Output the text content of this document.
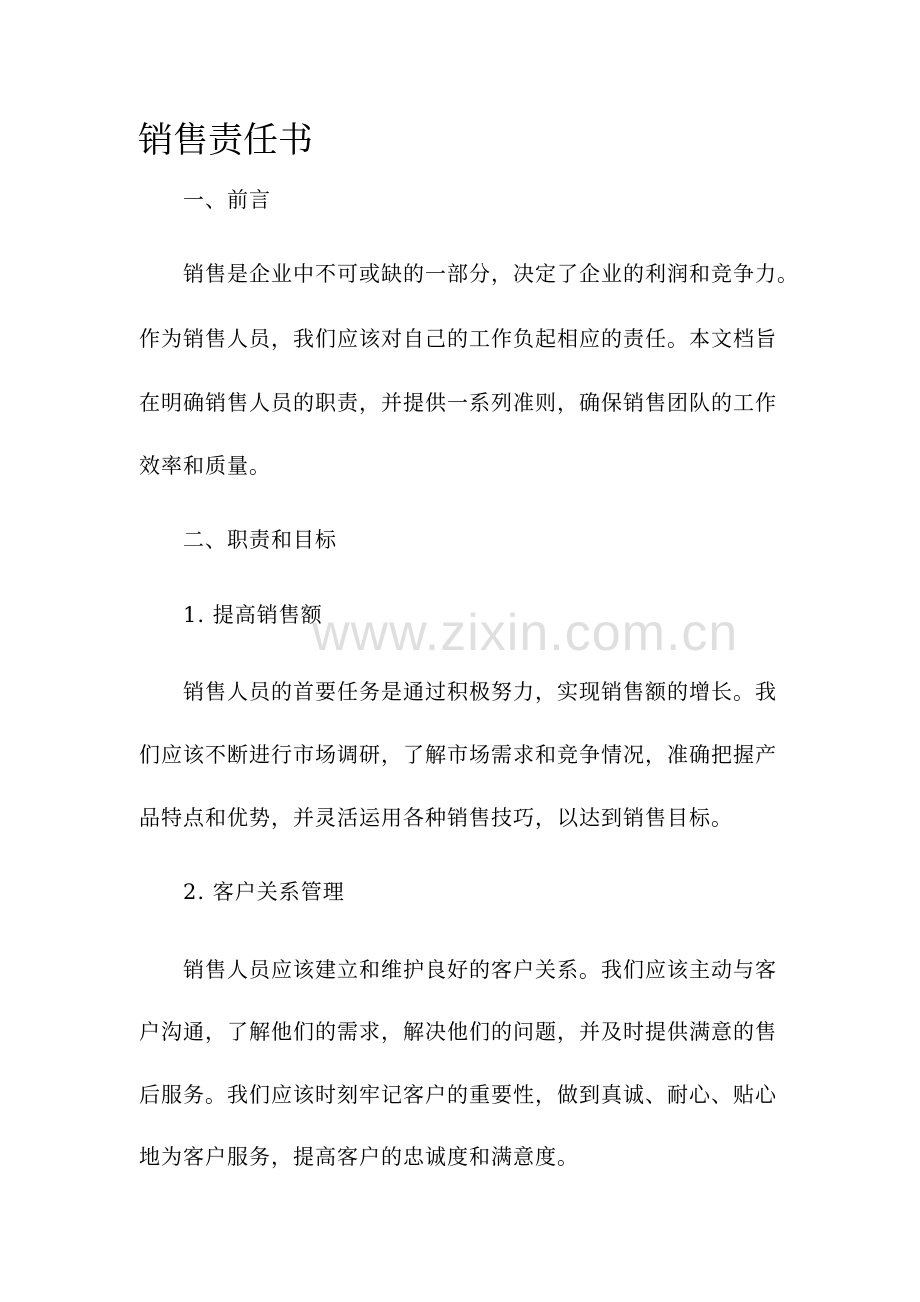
销售责任书

一、前言

销售是企业中不可或缺的一部分，决定了企业的利润和竞争力。

作为销售人员，我们应该对自己的工作负起相应的责任。本文档旨

在明确销售人员的职责，并提供一系列准则，确保销售团队的工作

效率和质量。

二、职责和目标

1. 提高销售额

销售人员的首要任务是通过积极努力，实现销售额的增长。我

们应该不断进行市场调研，了解市场需求和竞争情况，准确把握产

品特点和优势，并灵活运用各种销售技巧，以达到销售目标。

2. 客户关系管理

销售人员应该建立和维护良好的客户关系。我们应该主动与客

户沟通，了解他们的需求，解决他们的问题，并及时提供满意的售

后服务。我们应该时刻牢记客户的重要性，做到真诚、耐心、贴心

地为客户服务，提高客户的忠诚度和满意度。

www.zixin.com.cn
